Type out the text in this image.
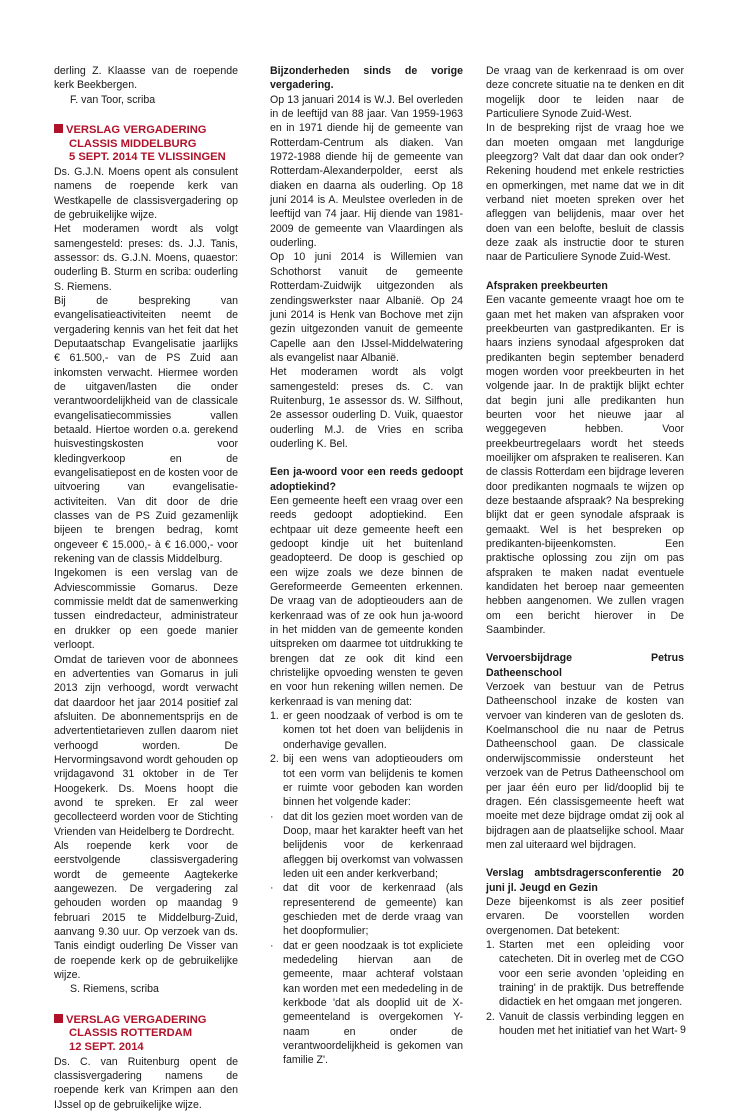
derling Z. Klaasse van de roepende kerk Beekbergen.

F. van Toor, scriba

VERSLAG VERGADERING
CLASSIS MIDDELBURG
5 SEPT. 2014 TE VLISSINGEN

Ds. G.J.N. Moens opent als consulent namens de roepende kerk van Westkapelle de classisvergadering op de gebruikelijke wijze.

Het moderamen wordt als volgt samengesteld: preses: ds. J.J. Tanis, assessor: ds. G.J.N. Moens, quaestor: ouderling B. Sturm en scriba: ouderling S. Riemens.

Bij de bespreking van evangelisatieactiviteiten neemt de vergadering kennis van het feit dat het Deputaatschap Evangelisatie jaarlijks € 61.500,- van de PS Zuid aan inkomsten verwacht. Hiermee worden de uitgaven/lasten die onder verantwoordelijkheid van de classicale evangelisatiecommissies vallen betaald. Hiertoe worden o.a. gerekend huisvestingskosten voor kledingverkoop en de evangelisatiepost en de kosten voor de uitvoering van evangelisatie-activiteiten. Van dit door de drie classes van de PS Zuid gezamenlijk bijeen te brengen bedrag, komt ongeveer € 15.000,- à € 16.000,- voor rekening van de classis Middelburg.

Ingekomen is een verslag van de Adviescommissie Gomarus. Deze commissie meldt dat de samenwerking tussen eindredacteur, administrateur en drukker op een goede manier verloopt.

Omdat de tarieven voor de abonnees en advertenties van Gomarus in juli 2013 zijn verhoogd, wordt verwacht dat daardoor het jaar 2014 positief zal afsluiten. De abonnementsprijs en de advertentietarieven zullen daarom niet verhoogd worden. De Hervormingsavond wordt gehouden op vrijdagavond 31 oktober in de Ter Hoogekerk. Ds. Moens hoopt die avond te spreken. Er zal weer gecollecteerd worden voor de Stichting Vrienden van Heidelberg te Dordrecht.

Als roepende kerk voor de eerstvolgende classisvergadering wordt de gemeente Aagtekerke aangewezen. De vergadering zal gehouden worden op maandag 9 februari 2015 te Middelburg-Zuid, aanvang 9.30 uur. Op verzoek van ds. Tanis eindigt ouderling De Visser van de roepende kerk op de gebruikelijke wijze.

S. Riemens, scriba

VERSLAG VERGADERING
CLASSIS ROTTERDAM
12 SEPT. 2014

Ds. C. van Ruitenburg opent de classisvergadering namens de roepende kerk van Krimpen aan den IJssel op de gebruikelijke wijze.

Bijzonderheden sinds de vorige vergadering.

Op 13 januari 2014 is W.J. Bel overleden in de leeftijd van 88 jaar. Van 1959-1963 en in 1971 diende hij de gemeente van Rotterdam-Centrum als diaken. Van 1972-1988 diende hij de gemeente van Rotterdam-Alexanderpolder, eerst als diaken en daarna als ouderling. Op 18 juni 2014 is A. Meulstee overleden in de leeftijd van 74 jaar. Hij diende van 1981-2009 de gemeente van Vlaardingen als ouderling.

Op 10 juni 2014 is Willemien van Schothorst vanuit de gemeente Rotterdam-Zuidwijk uitgezonden als zendingswerkster naar Albanië. Op 24 juni 2014 is Henk van Bochove met zijn gezin uitgezonden vanuit de gemeente Capelle aan den IJssel-Middelwatering als evangelist naar Albanië.

Het moderamen wordt als volgt samengesteld: preses ds. C. van Ruitenburg, 1e assessor ds. W. Silfhout, 2e assessor ouderling D. Vuik, quaestor ouderling M.J. de Vries en scriba ouderling K. Bel.

Een ja-woord voor een reeds gedoopt adoptiekind?

Een gemeente heeft een vraag over een reeds gedoopt adoptiekind. Een echtpaar uit deze gemeente heeft een gedoopt kindje uit het buitenland geadopteerd. De doop is geschied op een wijze zoals we deze binnen de Gereformeerde Gemeenten erkennen. De vraag van de adoptieouders aan de kerkenraad was of ze ook hun ja-woord in het midden van de gemeente konden uitspreken om daarmee tot uitdrukking te brengen dat ze ook dit kind een christelijke opvoeding wensten te geven en voor hun rekening willen nemen. De kerkenraad is van mening dat:

1. er geen noodzaak of verbod is om te komen tot het doen van belijdenis in onderhavige gevallen.
2. bij een wens van adoptieouders om tot een vorm van belijdenis te komen er ruimte voor geboden kan worden binnen het volgende kader:
· dat dit los gezien moet worden van de Doop, maar het karakter heeft van het belijdenis voor de kerkenraad afleggen bij overkomst van volwassen leden uit een ander kerkverband;
· dat dit voor de kerkenraad (als representerend de gemeente) kan geschieden met de derde vraag van het doopformulier;
· dat er geen noodzaak is tot expliciete mededeling hiervan aan de gemeente, maar achteraf volstaan kan worden met een mededeling in de kerkbode 'dat als dooplid uit de X-gemeenteland is overgekomen Y-naam en onder de verantwoordelijkheid is gekomen van familie Z'.

De vraag van de kerkenraad is om over deze concrete situatie na te denken en dit mogelijk door te leiden naar de Particuliere Synode Zuid-West.

In de bespreking rijst de vraag hoe we dan moeten omgaan met langdurige pleegzorg? Valt dat daar dan ook onder? Rekening houdend met enkele restricties en opmerkingen, met name dat we in dit verband niet moeten spreken over het afleggen van belijdenis, maar over het doen van een belofte, besluit de classis deze zaak als instructie door te sturen naar de Particuliere Synode Zuid-West.

Afspraken preekbeurten

Een vacante gemeente vraagt hoe om te gaan met het maken van afspraken voor preekbeurten van gastpredikanten. Er is haars inziens synodaal afgesproken dat predikanten begin september benaderd mogen worden voor preekbeurten in het volgende jaar. In de praktijk blijkt echter dat begin juni alle predikanten hun beurten voor het nieuwe jaar al weggegeven hebben. Voor preekbeurtregelaars wordt het steeds moeilijker om afspraken te realiseren. Kan de classis Rotterdam een bijdrage leveren door predikanten nogmaals te wijzen op deze bestaande afspraak? Na bespreking blijkt dat er geen synodale afspraak is gemaakt. Wel is het bespreken op predikanten-bijeenkomsten. Een praktische oplossing zou zijn om pas afspraken te maken nadat eventuele kandidaten het beroep naar gemeenten hebben aangenomen. We zullen vragen om een bericht hierover in De Saambinder.

Vervoersbijdrage Petrus Datheenschool

Verzoek van bestuur van de Petrus Datheenschool inzake de kosten van vervoer van kinderen van de gesloten ds. Koelmanschool die nu naar de Petrus Datheenschool gaan. De classicale onderwijscommissie ondersteunt het verzoek van de Petrus Datheenschool om per jaar één euro per lid/dooplid bij te dragen. Eén classisgemeente heeft wat moeite met deze bijdrage omdat zij ook al bijdragen aan de plaatselijke school. Maar men zal uiteraard wel bijdragen.

Verslag ambtsdragersconferentie 20 juni jl. Jeugd en Gezin

Deze bijeenkomst is als zeer positief ervaren. De voorstellen worden overgenomen. Dat betekent:

1. Starten met een opleiding voor catecheten. Dit in overleg met de CGO voor een serie avonden 'opleiding en training' in de praktijk. Dus betreffende didactiek en het omgaan met jongeren.
2. Vanuit de classis verbinding leggen en houden met het initiatief van het Wart- 9
